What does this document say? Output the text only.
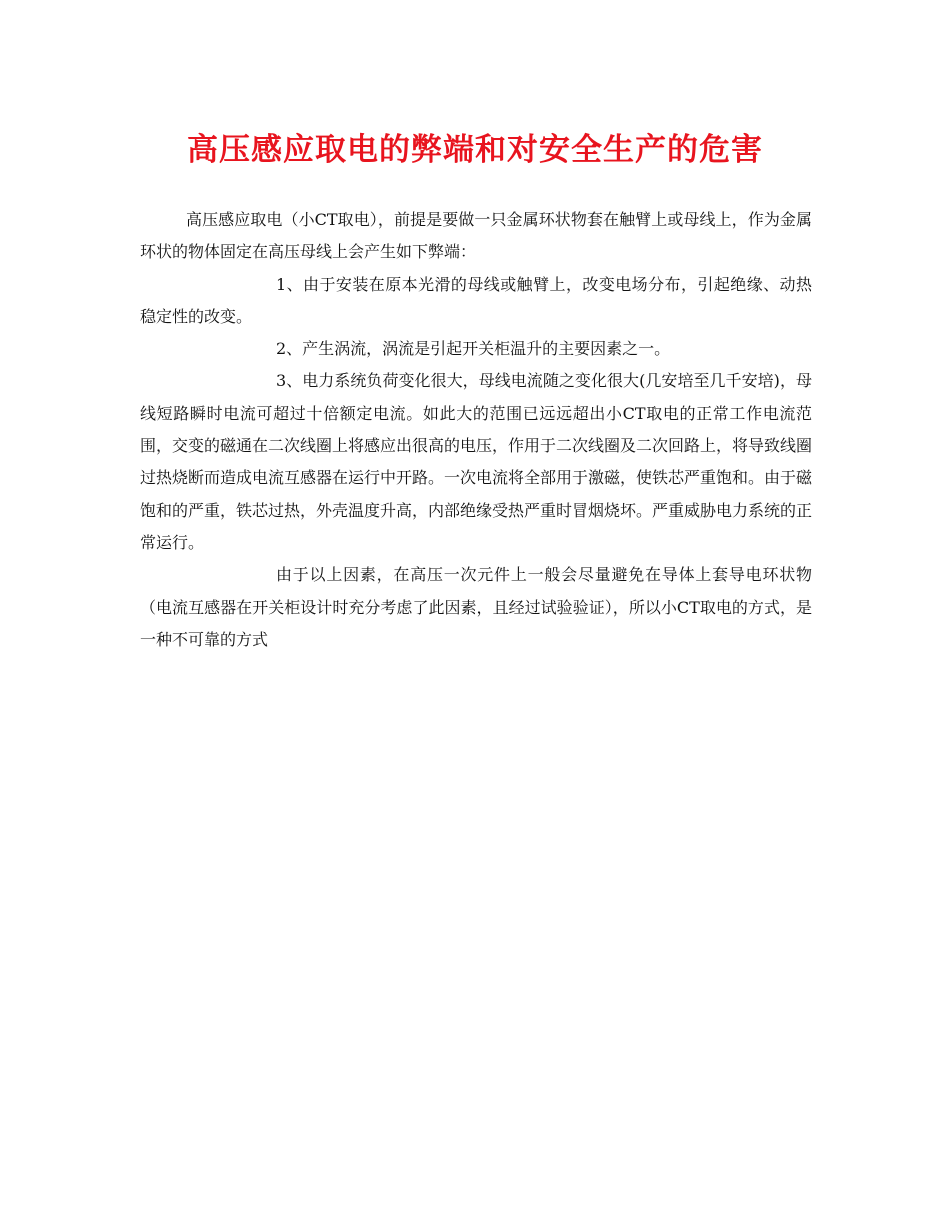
高压感应取电的弊端和对安全生产的危害

高压感应取电（小CT取电），前提是要做一只金属环状物套在触臂上或母线上，作为金属环状的物体固定在高压母线上会产生如下弊端：

1、由于安装在原本光滑的母线或触臂上，改变电场分布，引起绝缘、动热稳定性的改变。

2、产生涡流，涡流是引起开关柜温升的主要因素之一。

3、电力系统负荷变化很大，母线电流随之变化很大(几安培至几千安培)，母线短路瞬时电流可超过十倍额定电流。如此大的范围已远远超出小CT取电的正常工作电流范围，交变的磁通在二次线圈上将感应出很高的电压，作用于二次线圈及二次回路上，将导致线圈过热烧断而造成电流互感器在运行中开路。一次电流将全部用于激磁，使铁芯严重饱和。由于磁饱和的严重，铁芯过热，外壳温度升高，内部绝缘受热严重时冒烟烧坏。严重威胁电力系统的正常运行。

由于以上因素，在高压一次元件上一般会尽量避免在导体上套导电环状物（电流互感器在开关柜设计时充分考虑了此因素，且经过试验验证），所以小CT取电的方式，是一种不可靠的方式
